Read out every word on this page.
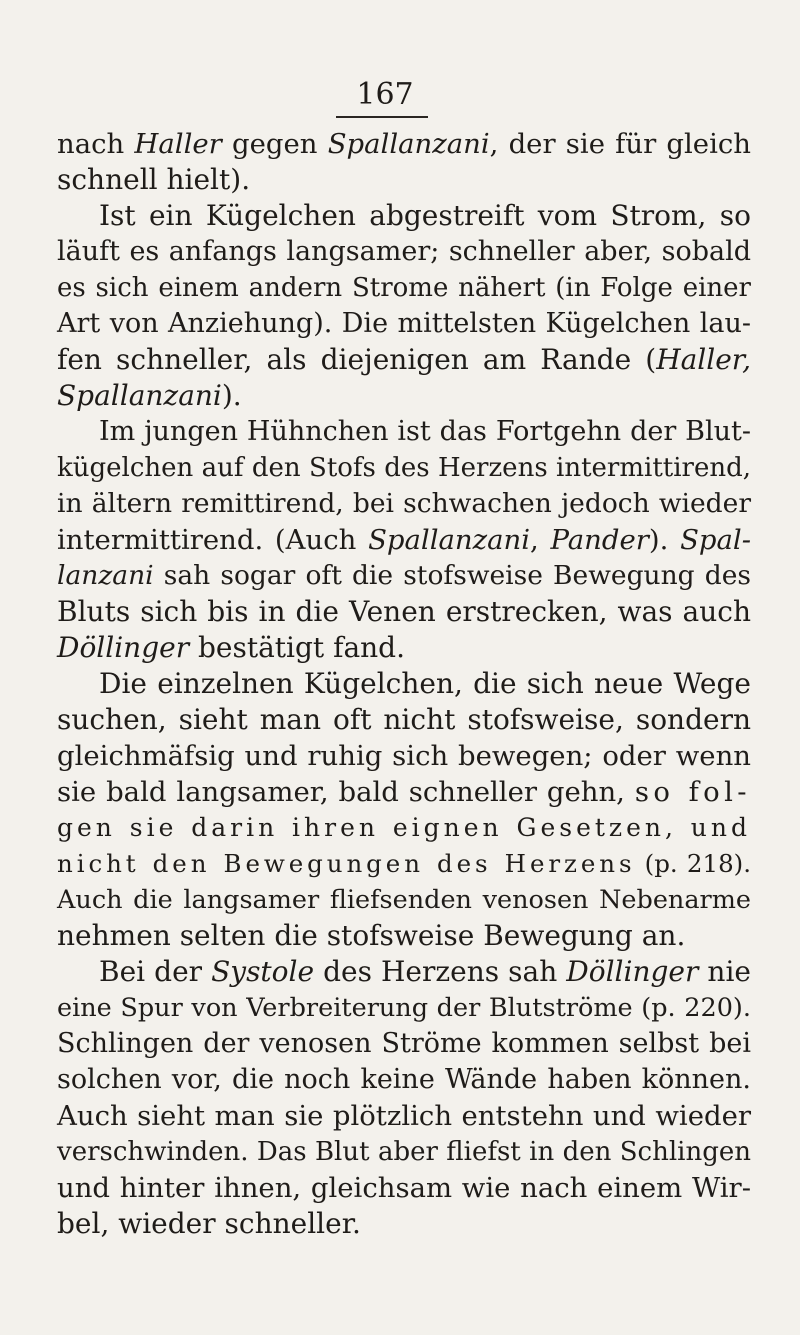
167
nach Haller gegen Spallanzani, der sie für gleich
schnell hielt).
Ist ein Kügelchen abgestreift vom Strom, so
läuft es anfangs langsamer; schneller aber, sobald
es sich einem andern Strome nähert (in Folge einer
Art von Anziehung). Die mittelsten Kügelchen lau-
fen schneller, als diejenigen am Rande (Haller,
Spallanzani).
Im jungen Hühnchen ist das Fortgehn der Blut-
kügelchen auf den Stofs des Herzens intermittirend,
in ältern remittirend, bei schwachen jedoch wieder
intermittirend. (Auch Spallanzani, Pander). Spal-
lanzani sah sogar oft die stofsweise Bewegung des
Bluts sich bis in die Venen erstrecken, was auch
Döllinger bestätigt fand.
Die einzelnen Kügelchen, die sich neue Wege
suchen, sieht man oft nicht stofsweise, sondern
gleichmäfsig und ruhig sich bewegen; oder wenn
sie bald langsamer, bald schneller gehn, so fol-
gen sie darin ihren eignen Gesetzen, und
nicht den Bewegungen des Herzens (p. 218).
Auch die langsamer fliefsenden venosen Nebenarme
nehmen selten die stofsweise Bewegung an.
Bei der Systole des Herzens sah Döllinger nie
eine Spur von Verbreiterung der Blutströme (p. 220).
Schlingen der venosen Ströme kommen selbst bei
solchen vor, die noch keine Wände haben können.
Auch sieht man sie plötzlich entstehn und wieder
verschwinden. Das Blut aber fliefst in den Schlingen
und hinter ihnen, gleichsam wie nach einem Wir-
bel, wieder schneller.
